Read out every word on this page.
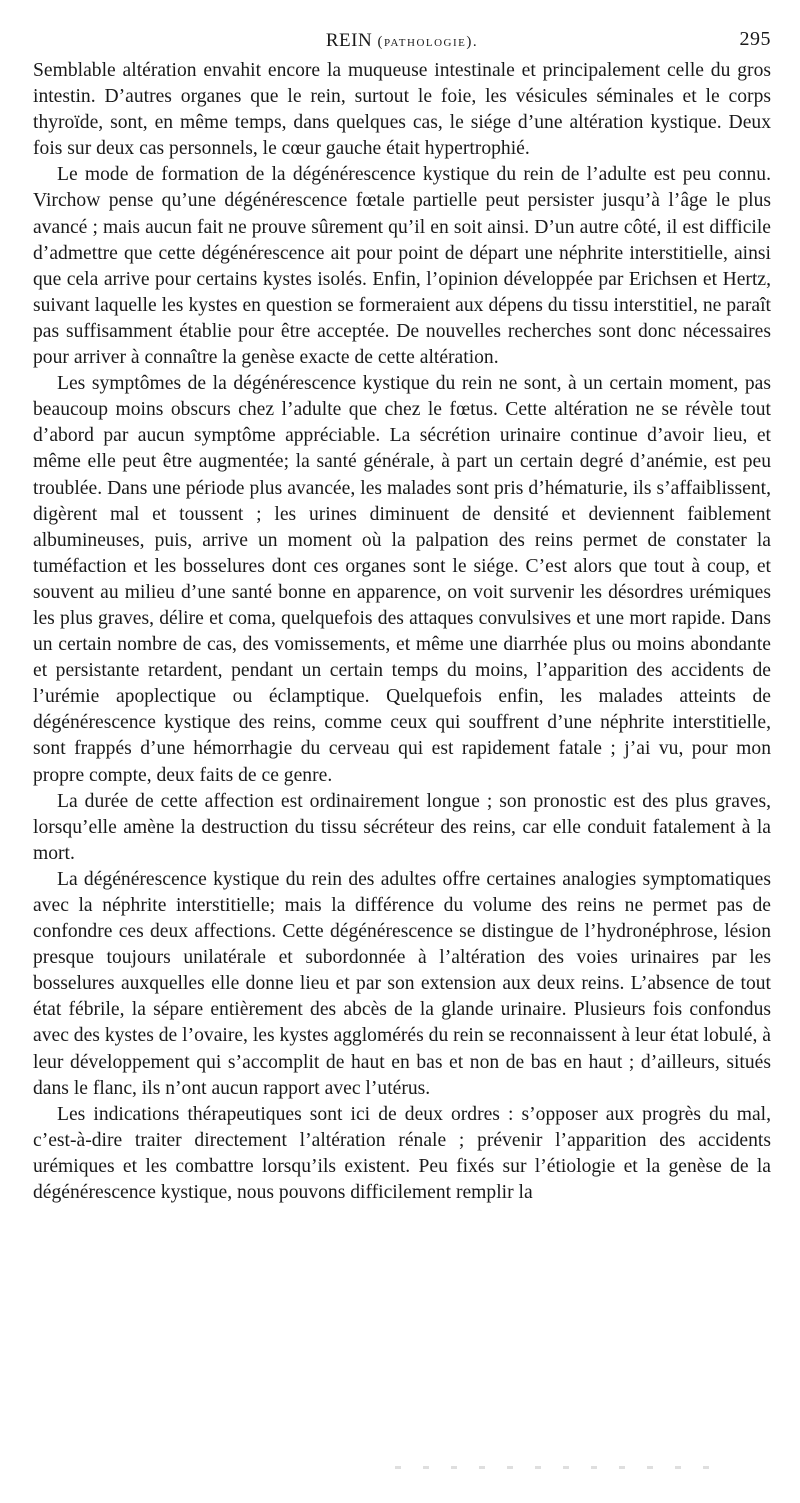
REIN (pathologie).	295

Semblable altération envahit encore la muqueuse intestinale et principalement celle du gros intestin. D’autres organes que le rein, surtout le foie, les vésicules séminales et le corps thyroïde, sont, en même temps, dans quelques cas, le siége d’une altération kystique. Deux fois sur deux cas personnels, le cœur gauche était hypertrophié.

Le mode de formation de la dégénérescence kystique du rein de l’adulte est peu connu. Virchow pense qu’une dégénérescence fœtale partielle peut persister jusqu’à l’âge le plus avancé ; mais aucun fait ne prouve sûrement qu’il en soit ainsi. D’un autre côté, il est difficile d’admettre que cette dégénérescence ait pour point de départ une néphrite interstitielle, ainsi que cela arrive pour certains kystes isolés. Enfin, l’opinion développée par Erichsen et Hertz, suivant laquelle les kystes en question se formeraient aux dépens du tissu interstitiel, ne paraît pas suffisamment établie pour être acceptée. De nouvelles recherches sont donc nécessaires pour arriver à connaître la genèse exacte de cette altération.

Les symptômes de la dégénérescence kystique du rein ne sont, à un certain moment, pas beaucoup moins obscurs chez l’adulte que chez le fœtus. Cette altération ne se révèle tout d’abord par aucun symptôme appréciable. La sécrétion urinaire continue d’avoir lieu, et même elle peut être augmentée; la santé générale, à part un certain degré d’anémie, est peu troublée. Dans une période plus avancée, les malades sont pris d’hématurie, ils s’affaiblissent, digèrent mal et toussent ; les urines diminuent de densité et deviennent faiblement albumineuses, puis, arrive un moment où la palpation des reins permet de constater la tuméfaction et les bosselures dont ces organes sont le siége. C’est alors que tout à coup, et souvent au milieu d’une santé bonne en apparence, on voit survenir les désordres urémiques les plus graves, délire et coma, quelquefois des attaques convulsives et une mort rapide. Dans un certain nombre de cas, des vomissements, et même une diarrhée plus ou moins abondante et persistante retardent, pendant un certain temps du moins, l’apparition des accidents de l’urémie apoplectique ou éclamptique. Quelquefois enfin, les malades atteints de dégénérescence kystique des reins, comme ceux qui souffrent d’une néphrite interstitielle, sont frappés d’une hémorrhagie du cerveau qui est rapidement fatale ; j’ai vu, pour mon propre compte, deux faits de ce genre.

La durée de cette affection est ordinairement longue ; son pronostic est des plus graves, lorsqu’elle amène la destruction du tissu sécréteur des reins, car elle conduit fatalement à la mort.

La dégénérescence kystique du rein des adultes offre certaines analogies symptomatiques avec la néphrite interstitielle; mais la différence du volume des reins ne permet pas de confondre ces deux affections. Cette dégénérescence se distingue de l’hydronéphrose, lésion presque toujours unilatérale et subordonnée à l’altération des voies urinaires par les bosselures auxquelles elle donne lieu et par son extension aux deux reins. L’absence de tout état fébrile, la sépare entièrement des abcès de la glande urinaire. Plusieurs fois confondus avec des kystes de l’ovaire, les kystes agglomérés du rein se reconnaissent à leur état lobulé, à leur développement qui s’accomplit de haut en bas et non de bas en haut ; d’ailleurs, situés dans le flanc, ils n’ont aucun rapport avec l’utérus.

Les indications thérapeutiques sont ici de deux ordres : s’opposer aux progrès du mal, c’est-à-dire traiter directement l’altération rénale ; prévenir l’apparition des accidents urémiques et les combattre lorsqu’ils existent. Peu fixés sur l’étiologie et la genèse de la dégénérescence kystique, nous pouvons difficilement remplir la
